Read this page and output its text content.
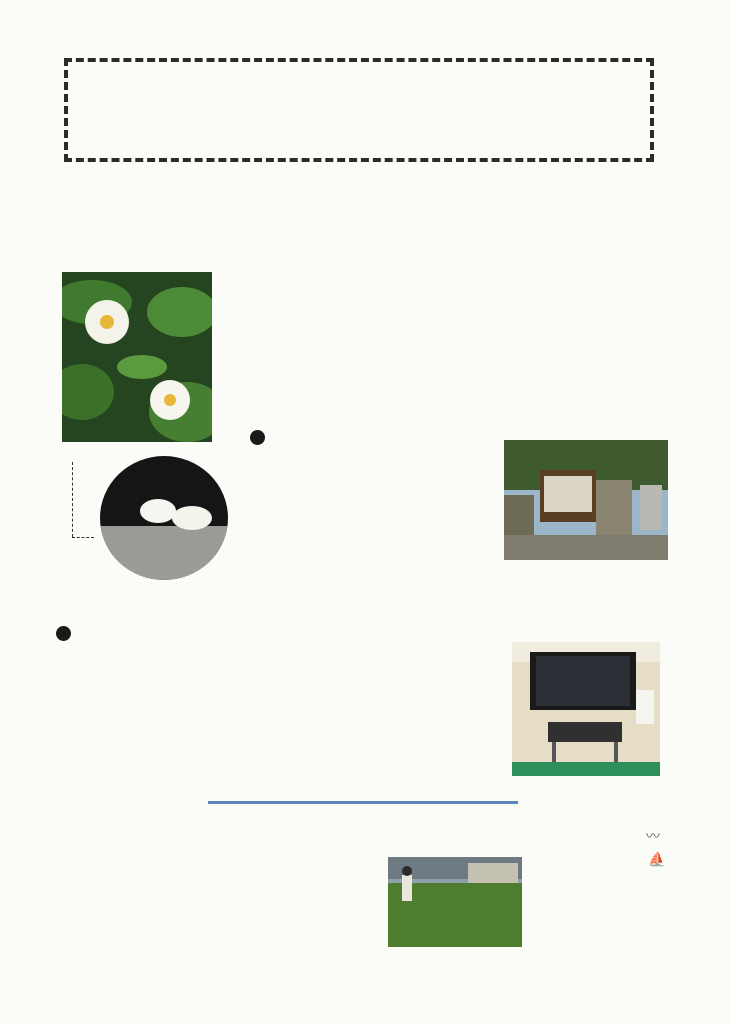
〰
⛵
